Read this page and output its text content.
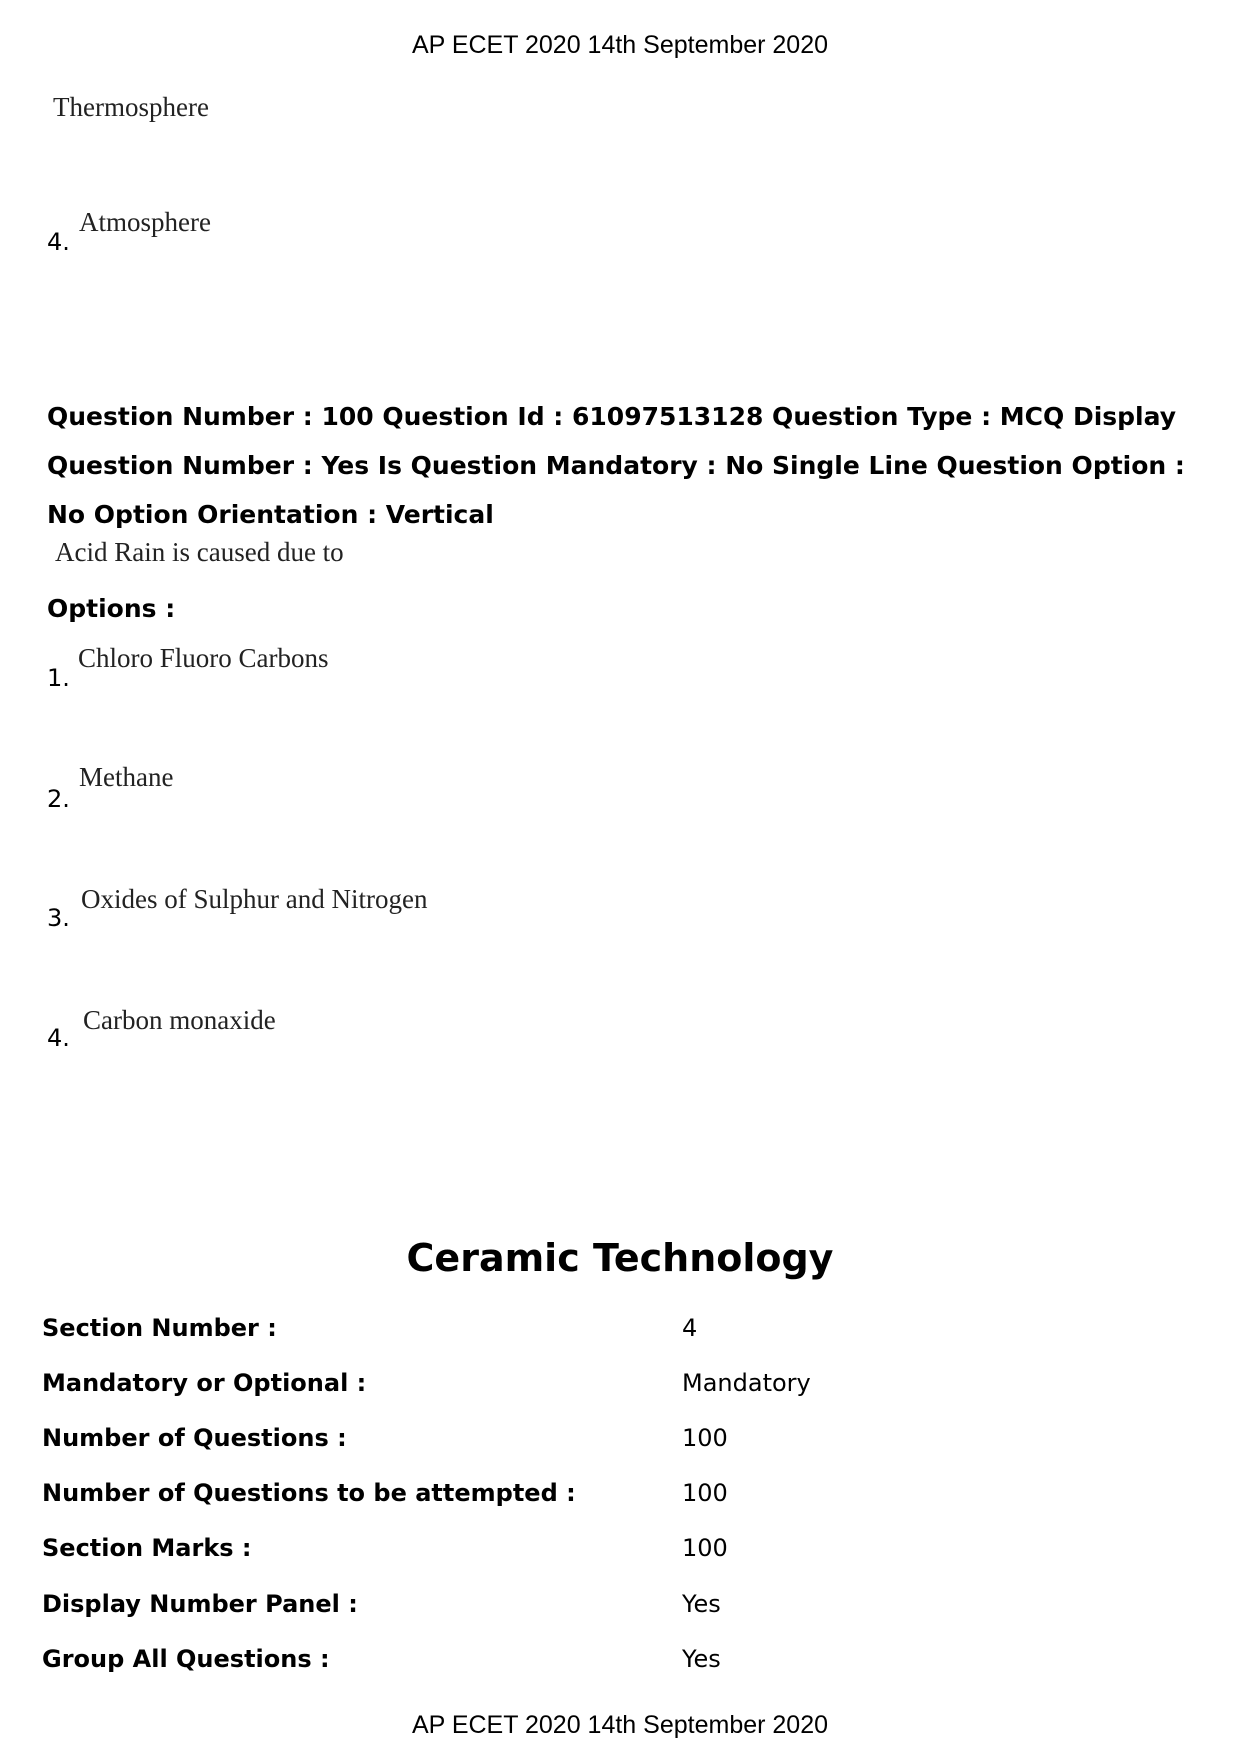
AP ECET 2020 14th September 2020
Thermosphere
4.
Atmosphere
Question Number : 100 Question Id : 61097513128 Question Type : MCQ Display Question Number : Yes Is Question Mandatory : No Single Line Question Option : No Option Orientation : Vertical
Acid Rain is caused due to
Options :
1.
Chloro Fluoro Carbons
2.
Methane
3.
Oxides of Sulphur and Nitrogen
4.
Carbon monaxide
Ceramic Technology
Section Number :	4
Mandatory or Optional :	Mandatory
Number of Questions :	100
Number of Questions to be attempted :	100
Section Marks :	100
Display Number Panel :	Yes
Group All Questions :	Yes
AP ECET 2020 14th September 2020
